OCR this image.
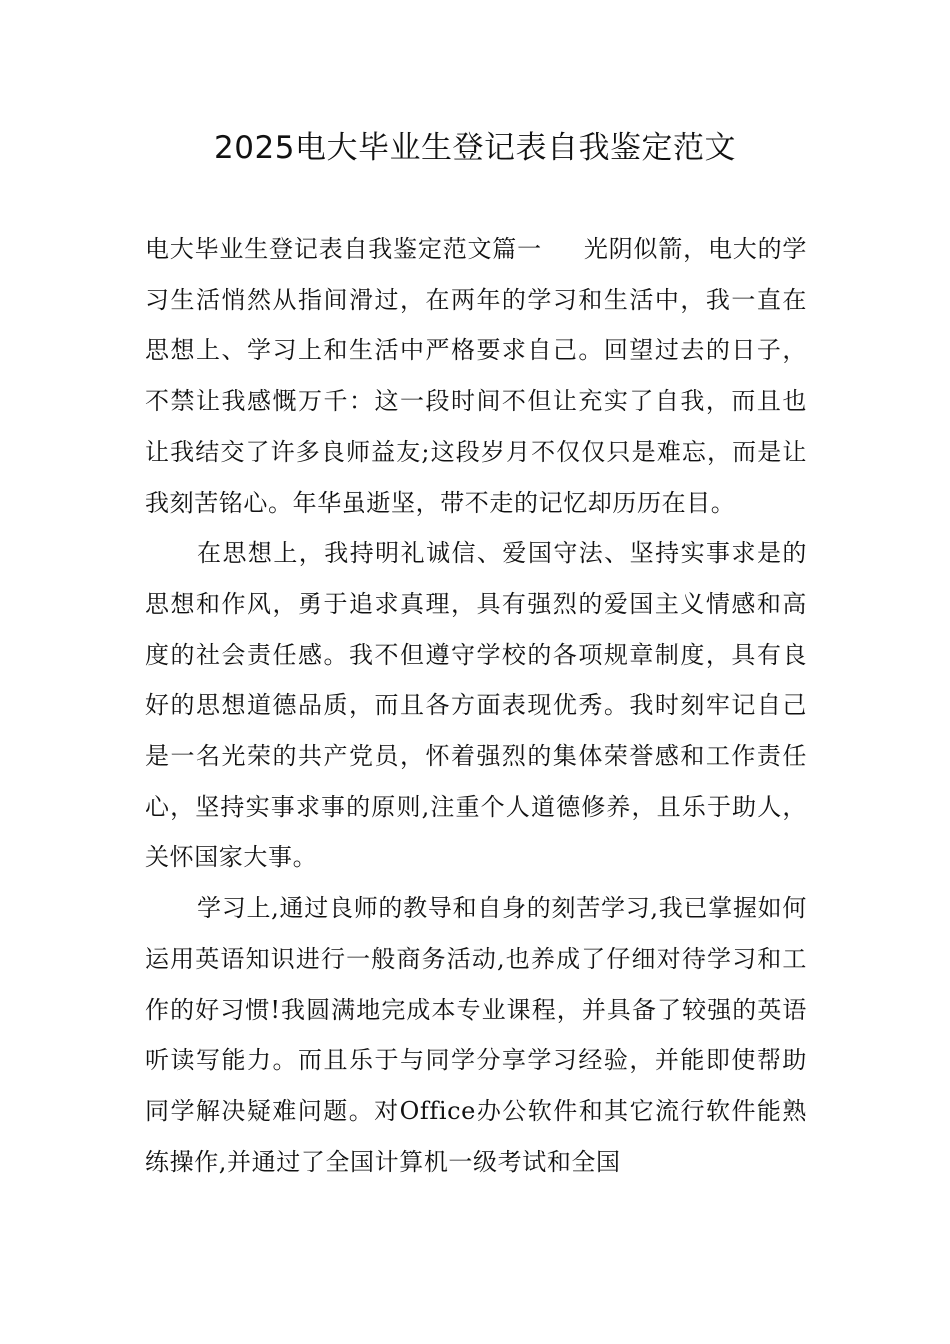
2025电大毕业生登记表自我鉴定范文

电大毕业生登记表自我鉴定范文篇一 光阴似箭，电大的学习生活悄然从指间滑过，在两年的学习和生活中，我一直在思想上、学习上和生活中严格要求自己。回望过去的日子，不禁让我感慨万千：这一段时间不但让充实了自我，而且也让我结交了许多良师益友;这段岁月不仅仅只是难忘，而是让我刻苦铭心。年华虽逝坚，带不走的记忆却历历在目。

在思想上，我持明礼诚信、爱国守法、坚持实事求是的思想和作风，勇于追求真理，具有强烈的爱国主义情感和高度的社会责任感。我不但遵守学校的各项规章制度，具有良好的思想道德品质，而且各方面表现优秀。我时刻牢记自己是一名光荣的共产党员，怀着强烈的集体荣誉感和工作责任心，坚持实事求事的原则,注重个人道德修养，且乐于助人，关怀国家大事。

学习上,通过良师的教导和自身的刻苦学习,我已掌握如何运用英语知识进行一般商务活动,也养成了仔细对待学习和工作的好习惯!我圆满地完成本专业课程，并具备了较强的英语听读写能力。而且乐于与同学分享学习经验，并能即使帮助同学解决疑难问题。对Office办公软件和其它流行软件能熟练操作,并通过了全国计算机一级考试和全国
